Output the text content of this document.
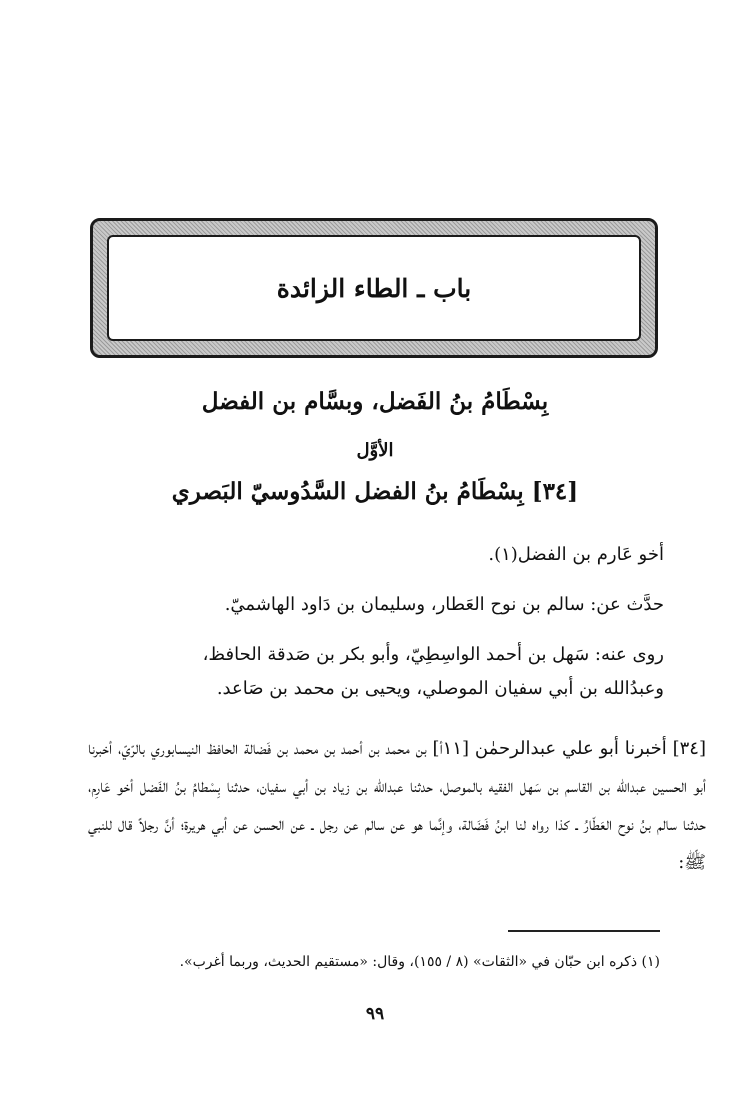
باب ـ الطاء الزائدة
بِسْطَامُ بنُ الفَضل، وبسَّام بن الفضل
الأوَّل
[٣٤] بِسْطَامُ بنُ الفضل السَّدُوسيّ البَصري
أخو عَارم بن الفضل(١).
حدَّث عن: سالم بن نوح العَطار، وسليمان بن دَاود الهاشميّ.
روى عنه: سَهل بن أحمد الواسِطِيّ، وأبو بكر بن صَدقة الحافظ،
وعبدُالله بن أبي سفيان الموصلي، ويحيى بن محمد بن صَاعد.
[٣٤] أخبرنا أبو علي عبدالرحمٰن [١١أ] بن محمد بن أحمد بن محمد بن فَضالة الحافظ النيسابوري بالرّيّ، أخبرنا أبو الحسين عبدالله بن القاسم بن سَهل الفقيه بالموصل، حدثنا عبدالله بن زياد بن أبي سفيان، حدثنا بِسْطامُ بنُ الفَضل أخو عَارِم، حدثنا سالم بنُ نوح العَطّارُ ـ كذا رواه لنا ابنُ فَضَالة، وإنَّما هو عن سالم عن رجل ـ عن الحسن عن أبي هريرة؛ أنَّ رجلاً قال للنبي ﷺ:
(١) ذكره ابن حبّان في «الثقات» (٨ / ١٥٥)، وقال: «مستقيم الحديث، وربما أغرب».
٩٩
